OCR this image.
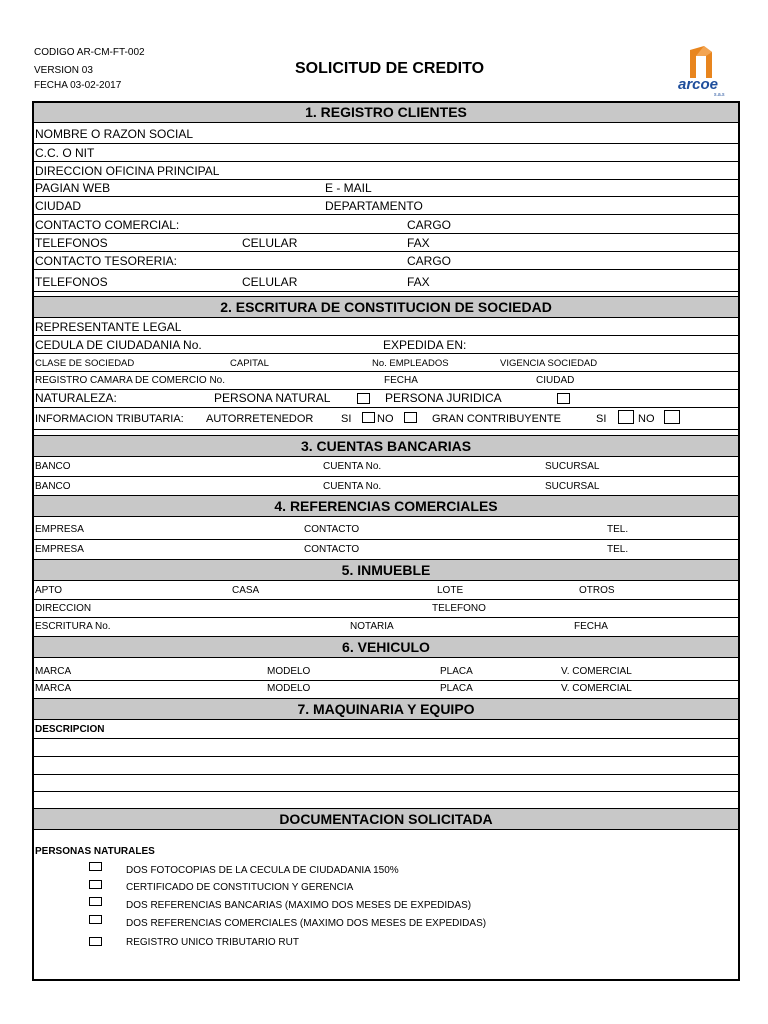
CODIGO AR-CM-FT-002
VERSION 03
FECHA 03-02-2017
SOLICITUD DE CREDITO
arcoe
s.a.s
1. REGISTRO CLIENTES
NOMBRE O RAZON SOCIAL
C.C. O NIT
DIRECCION OFICINA PRINCIPAL
PAGIAN WEB	E - MAIL
CIUDAD	DEPARTAMENTO
CONTACTO COMERCIAL:	CARGO
TELEFONOS	CELULAR	FAX
CONTACTO TESORERIA:	CARGO
TELEFONOS	CELULAR	FAX
2. ESCRITURA DE CONSTITUCION DE SOCIEDAD
REPRESENTANTE LEGAL
CEDULA DE CIUDADANIA No.	EXPEDIDA EN:
CLASE DE SOCIEDAD	CAPITAL	No. EMPLEADOS	VIGENCIA SOCIEDAD
REGISTRO CAMARA DE COMERCIO No.	FECHA	CIUDAD
NATURALEZA:	PERSONA NATURAL	PERSONA JURIDICA
INFORMACION TRIBUTARIA: AUTORRETENEDOR	SI NO	GRAN CONTRIBUYENTE	SI	NO
3. CUENTAS BANCARIAS
BANCO	CUENTA No.	SUCURSAL
BANCO	CUENTA No.	SUCURSAL
4. REFERENCIAS COMERCIALES
EMPRESA	CONTACTO	TEL.
EMPRESA	CONTACTO	TEL.
5. INMUEBLE
APTO	CASA	LOTE	OTROS
DIRECCION	TELEFONO
ESCRITURA No.	NOTARIA	FECHA
6. VEHICULO
MARCA	MODELO	PLACA	V. COMERCIAL
MARCA	MODELO	PLACA	V. COMERCIAL
7. MAQUINARIA Y EQUIPO
DESCRIPCION
DOCUMENTACION SOLICITADA
PERSONAS NATURALES
DOS FOTOCOPIAS DE LA CECULA DE CIUDADANIA 150%
CERTIFICADO DE CONSTITUCION Y GERENCIA
DOS REFERENCIAS BANCARIAS (MAXIMO DOS MESES DE EXPEDIDAS)
DOS REFERENCIAS COMERCIALES (MAXIMO DOS MESES DE EXPEDIDAS)
REGISTRO UNICO TRIBUTARIO RUT
